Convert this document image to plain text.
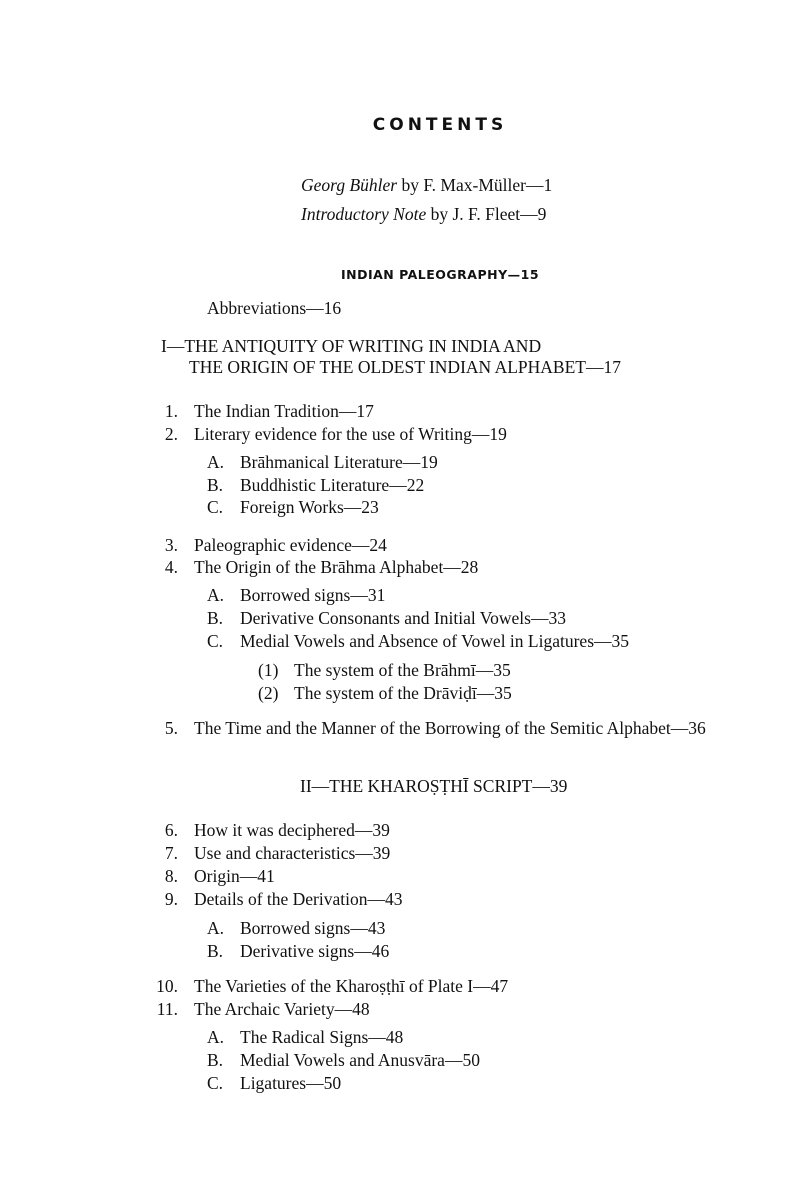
CONTENTS
Georg Bühler by F. Max-Müller—1
Introductory Note by J. F. Fleet—9
INDIAN PALEOGRAPHY—15
Abbreviations—16
I—THE ANTIQUITY OF WRITING IN INDIA AND
THE ORIGIN OF THE OLDEST INDIAN ALPHABET—17
1. The Indian Tradition—17
2. Literary evidence for the use of Writing—19
A. Brāhmanical Literature—19
B. Buddhistic Literature—22
C. Foreign Works—23
3. Paleographic evidence—24
4. The Origin of the Brāhma Alphabet—28
A. Borrowed signs—31
B. Derivative Consonants and Initial Vowels—33
C. Medial Vowels and Absence of Vowel in Ligatures—35
(1) The system of the Brāhmī—35
(2) The system of the Drāviḍī—35
5. The Time and the Manner of the Borrowing of the Semitic Alphabet—36
II—THE KHAROṢṬHĪ SCRIPT—39
6. How it was deciphered—39
7. Use and characteristics—39
8. Origin—41
9. Details of the Derivation—43
A. Borrowed signs—43
B. Derivative signs—46
10. The Varieties of the Kharoṣṭhī of Plate I—47
11. The Archaic Variety—48
A. The Radical Signs—48
B. Medial Vowels and Anusvāra—50
C. Ligatures—50
